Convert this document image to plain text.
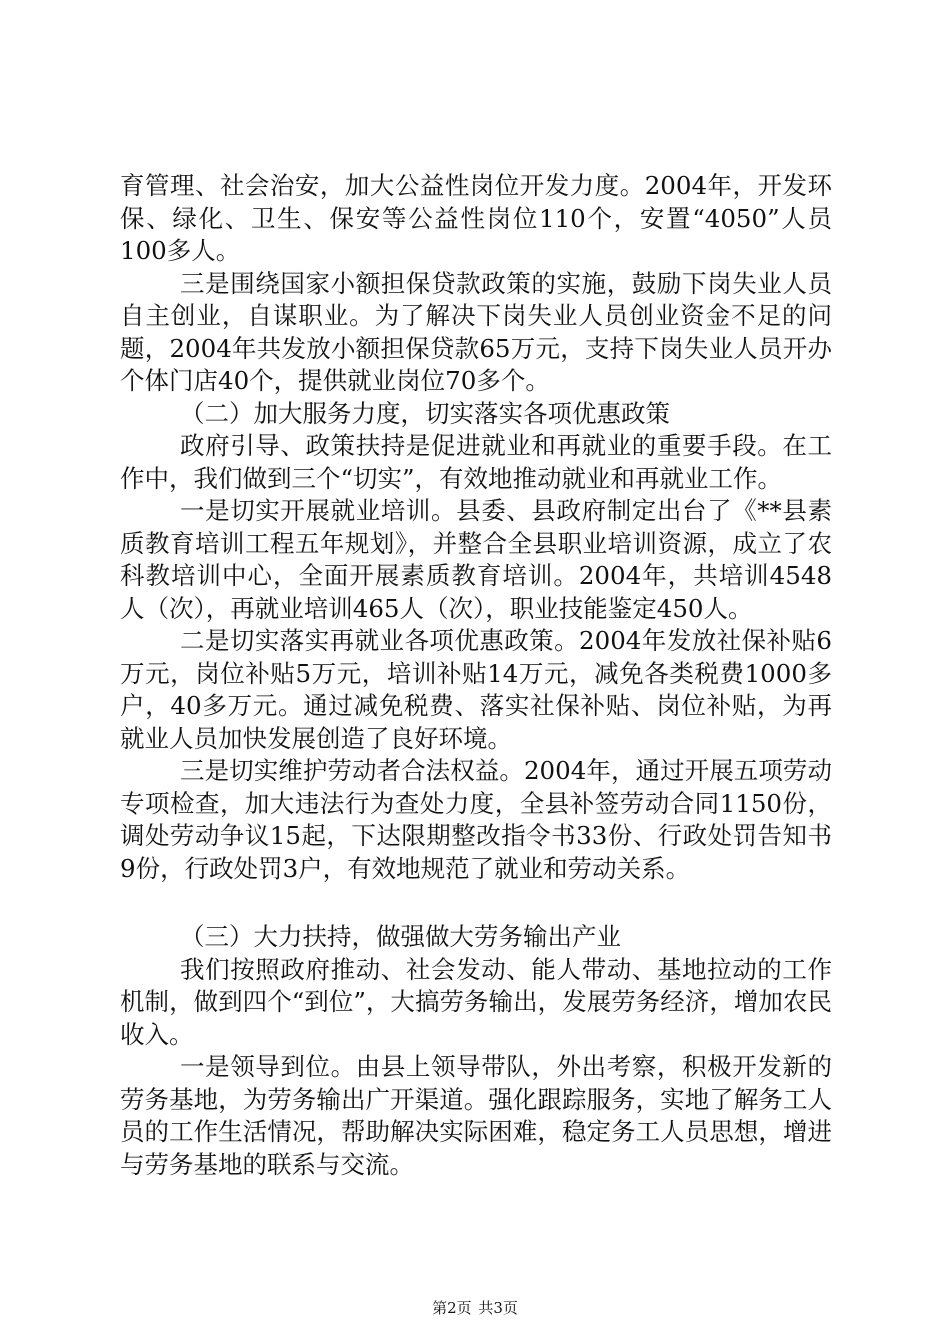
育管理、社会治安，加大公益性岗位开发力度。2004年，开发环保、绿化、卫生、保安等公益性岗位110个，安置“4050”人员100多人。

三是围绕国家小额担保贷款政策的实施，鼓励下岗失业人员自主创业，自谋职业。为了解决下岗失业人员创业资金不足的问题，2004年共发放小额担保贷款65万元，支持下岗失业人员开办个体门店40个，提供就业岗位70多个。

（二）加大服务力度，切实落实各项优惠政策

政府引导、政策扶持是促进就业和再就业的重要手段。在工作中，我们做到三个“切实”，有效地推动就业和再就业工作。

一是切实开展就业培训。县委、县政府制定出台了《**县素质教育培训工程五年规划》，并整合全县职业培训资源，成立了农科教培训中心，全面开展素质教育培训。2004年，共培训4548人（次），再就业培训465人（次），职业技能鉴定450人。

二是切实落实再就业各项优惠政策。2004年发放社保补贴6万元，岗位补贴5万元，培训补贴14万元，减免各类税费1000多户，40多万元。通过减免税费、落实社保补贴、岗位补贴，为再就业人员加快发展创造了良好环境。

三是切实维护劳动者合法权益。2004年，通过开展五项劳动专项检查，加大违法行为查处力度，全县补签劳动合同1150份，调处劳动争议15起，下达限期整改指令书33份、行政处罚告知书9份，行政处罚3户，有效地规范了就业和劳动关系。

（三）大力扶持，做强做大劳务输出产业

我们按照政府推动、社会发动、能人带动、基地拉动的工作机制，做到四个“到位”，大搞劳务输出，发展劳务经济，增加农民收入。

一是领导到位。由县上领导带队，外出考察，积极开发新的劳务基地，为劳务输出广开渠道。强化跟踪服务，实地了解务工人员的工作生活情况，帮助解决实际困难，稳定务工人员思想，增进与劳务基地的联系与交流。

第2页 共3页
